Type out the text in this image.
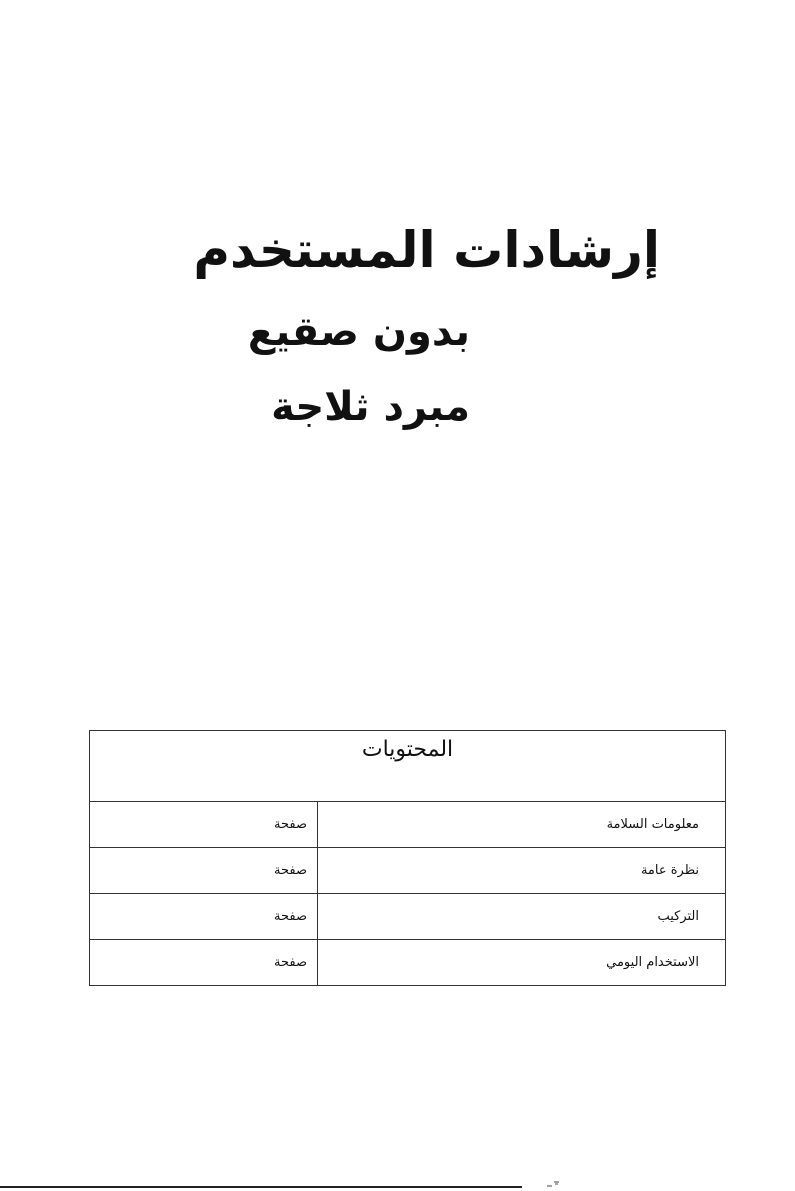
إرشادات المستخدم
بدون صقيع
مبرد ثلاجة
المحتويات	
معلومات السلامة	صفحة
نظرة عامة	صفحة
التركيب	صفحة
الاستخدام اليومي	صفحة
